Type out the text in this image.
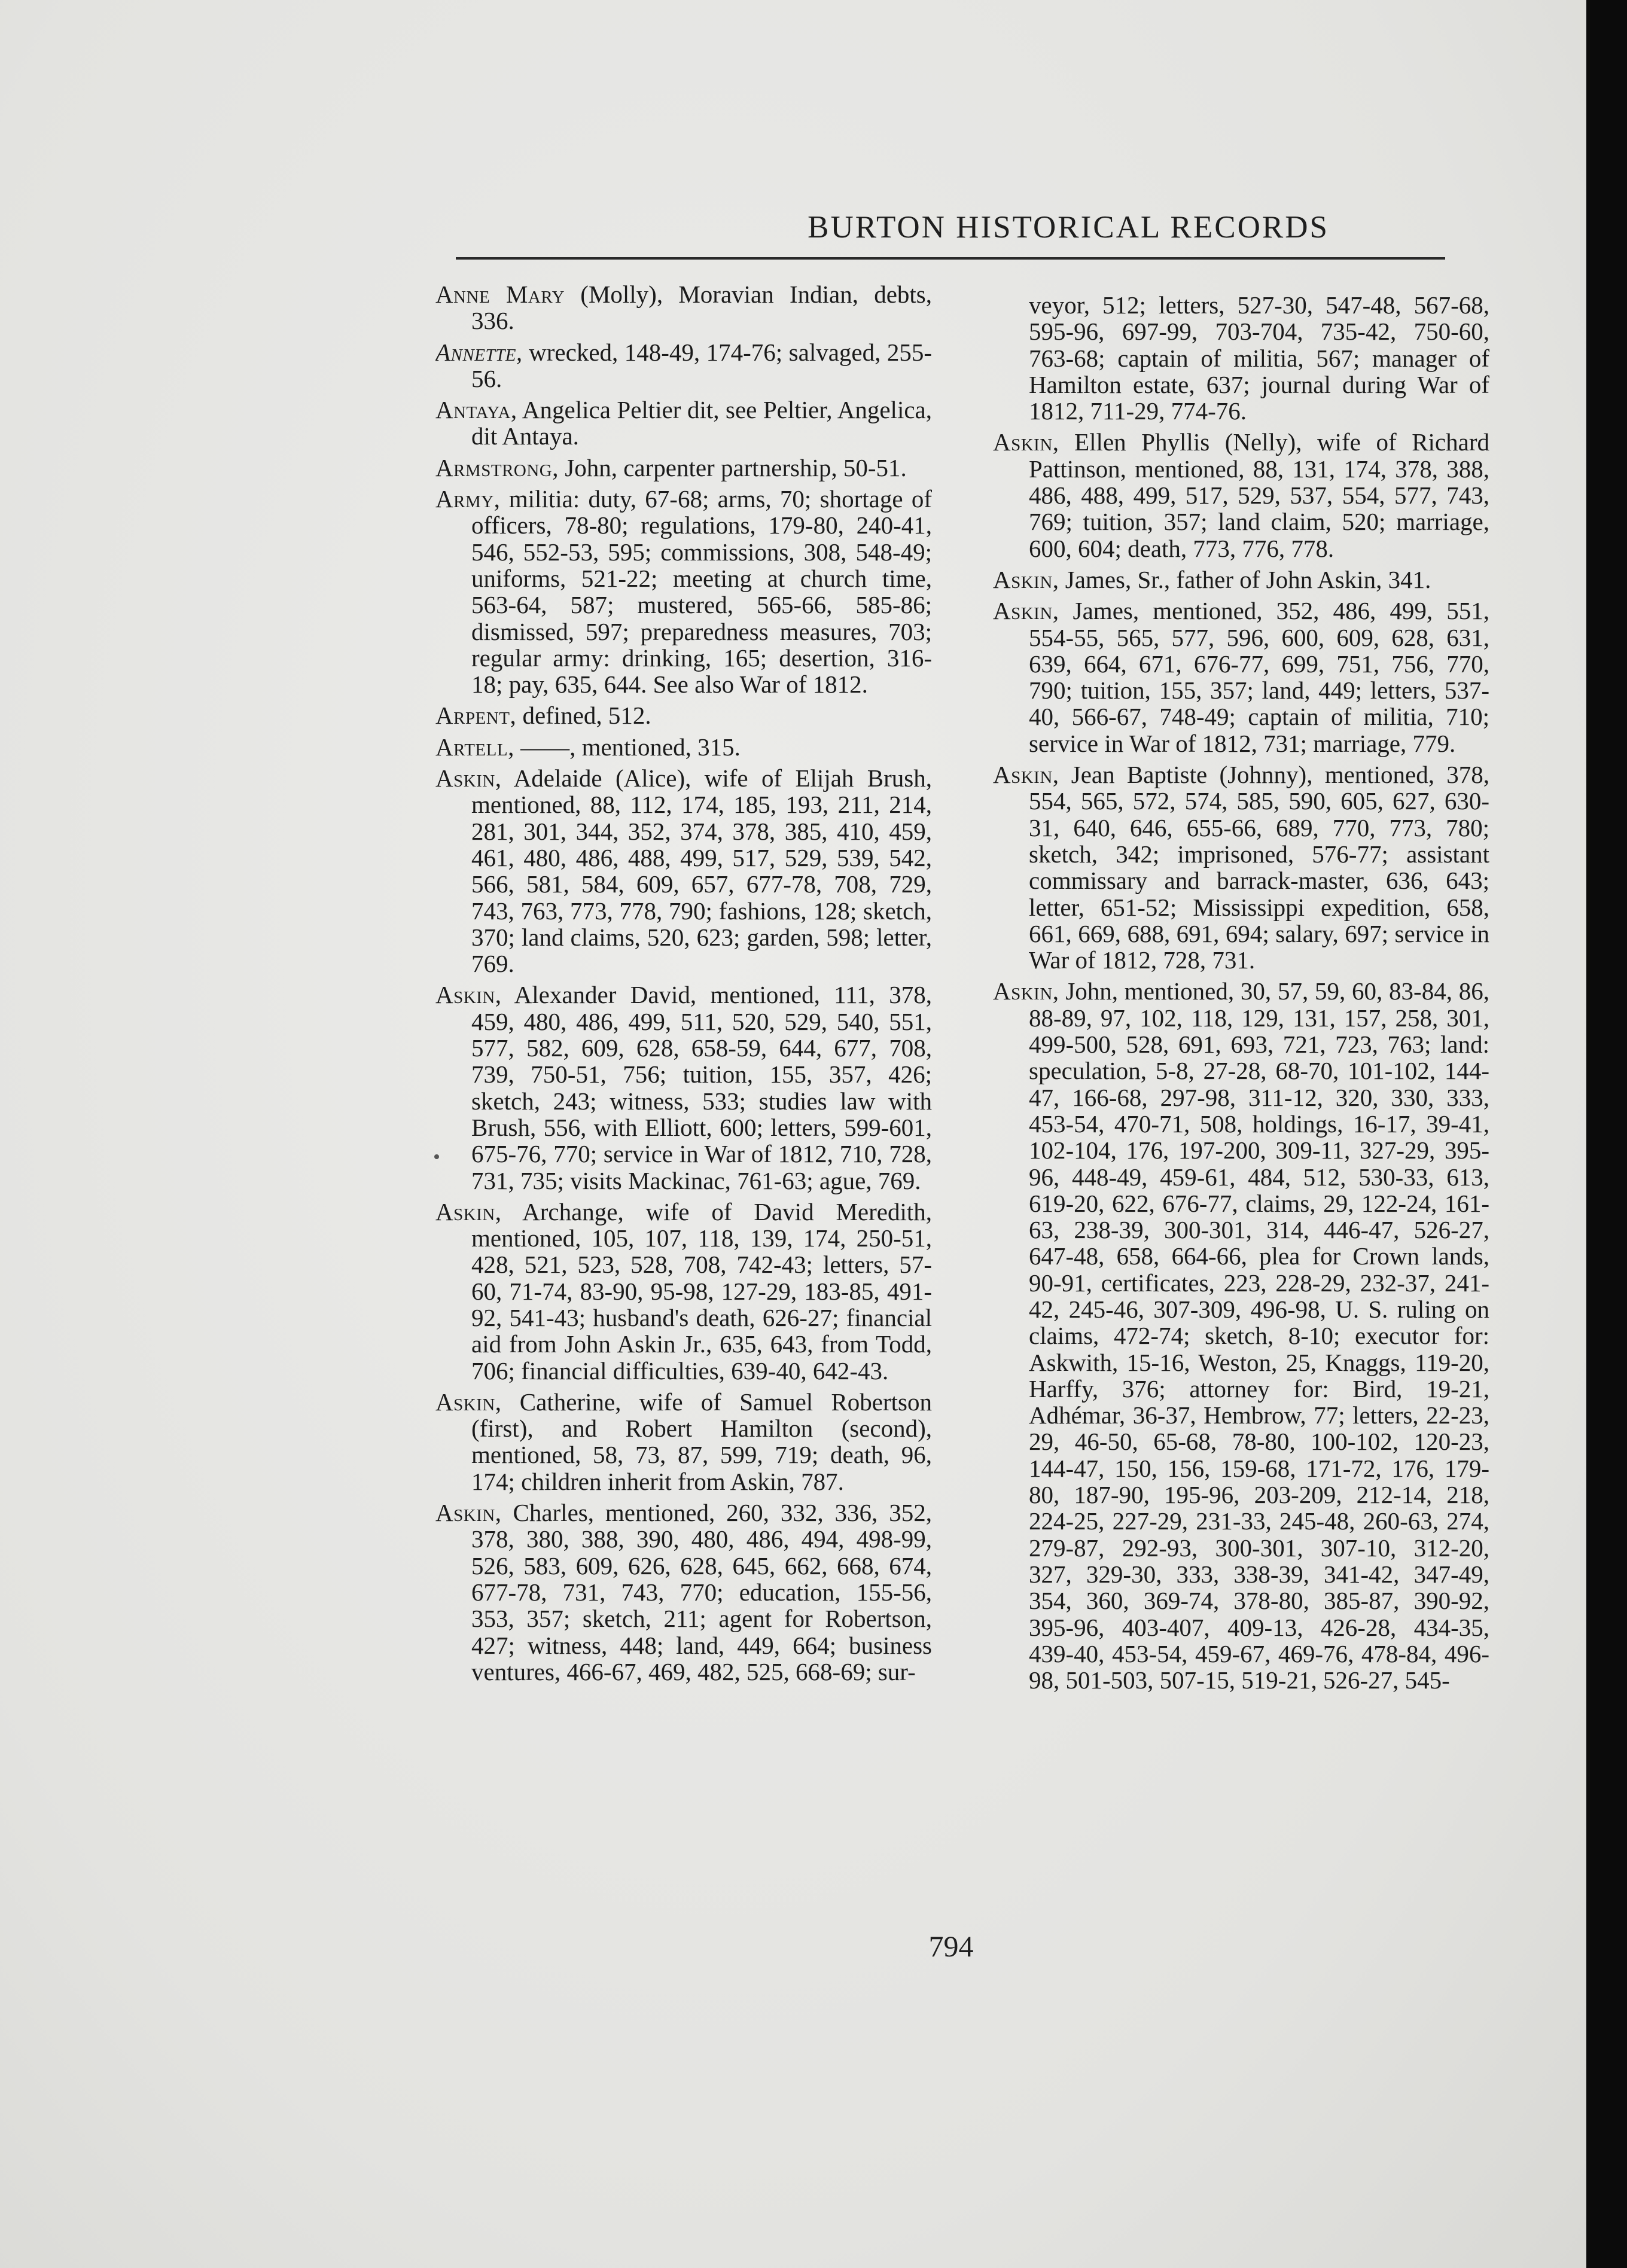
BURTON HISTORICAL RECORDS

Anne Mary (Molly), Moravian Indian, debts, 336.

Annette, wrecked, 148-49, 174-76; salvaged, 255-56.

Antaya, Angelica Peltier dit, see Peltier, Angelica, dit Antaya.

Armstrong, John, carpenter partnership, 50-51.

Army, militia: duty, 67-68; arms, 70; shortage of officers, 78-80; regulations, 179-80, 240-41, 546, 552-53, 595; commissions, 308, 548-49; uniforms, 521-22; meeting at church time, 563-64, 587; mustered, 565-66, 585-86; dismissed, 597; preparedness measures, 703; regular army: drinking, 165; desertion, 316-18; pay, 635, 644. See also War of 1812.

Arpent, defined, 512.

Artell, ——, mentioned, 315.

Askin, Adelaide (Alice), wife of Elijah Brush, mentioned, 88, 112, 174, 185, 193, 211, 214, 281, 301, 344, 352, 374, 378, 385, 410, 459, 461, 480, 486, 488, 499, 517, 529, 539, 542, 566, 581, 584, 609, 657, 677-78, 708, 729, 743, 763, 773, 778, 790; fashions, 128; sketch, 370; land claims, 520, 623; garden, 598; letter, 769.

Askin, Alexander David, mentioned, 111, 378, 459, 480, 486, 499, 511, 520, 529, 540, 551, 577, 582, 609, 628, 658-59, 644, 677, 708, 739, 750-51, 756; tuition, 155, 357, 426; sketch, 243; witness, 533; studies law with Brush, 556, with Elliott, 600; letters, 599-601, 675-76, 770; service in War of 1812, 710, 728, 731, 735; visits Mackinac, 761-63; ague, 769.

Askin, Archange, wife of David Meredith, mentioned, 105, 107, 118, 139, 174, 250-51, 428, 521, 523, 528, 708, 742-43; letters, 57-60, 71-74, 83-90, 95-98, 127-29, 183-85, 491-92, 541-43; husband's death, 626-27; financial aid from John Askin Jr., 635, 643, from Todd, 706; financial difficulties, 639-40, 642-43.

Askin, Catherine, wife of Samuel Robertson (first), and Robert Hamilton (second), mentioned, 58, 73, 87, 599, 719; death, 96, 174; children inherit from Askin, 787.

Askin, Charles, mentioned, 260, 332, 336, 352, 378, 380, 388, 390, 480, 486, 494, 498-99, 526, 583, 609, 626, 628, 645, 662, 668, 674, 677-78, 731, 743, 770; education, 155-56, 353, 357; sketch, 211; agent for Robertson, 427; witness, 448; land, 449, 664; business ventures, 466-67, 469, 482, 525, 668-69; sur-

veyor, 512; letters, 527-30, 547-48, 567-68, 595-96, 697-99, 703-704, 735-42, 750-60, 763-68; captain of militia, 567; manager of Hamilton estate, 637; journal during War of 1812, 711-29, 774-76.

Askin, Ellen Phyllis (Nelly), wife of Richard Pattinson, mentioned, 88, 131, 174, 378, 388, 486, 488, 499, 517, 529, 537, 554, 577, 743, 769; tuition, 357; land claim, 520; marriage, 600, 604; death, 773, 776, 778.

Askin, James, Sr., father of John Askin, 341.

Askin, James, mentioned, 352, 486, 499, 551, 554-55, 565, 577, 596, 600, 609, 628, 631, 639, 664, 671, 676-77, 699, 751, 756, 770, 790; tuition, 155, 357; land, 449; letters, 537-40, 566-67, 748-49; captain of militia, 710; service in War of 1812, 731; marriage, 779.

Askin, Jean Baptiste (Johnny), mentioned, 378, 554, 565, 572, 574, 585, 590, 605, 627, 630-31, 640, 646, 655-66, 689, 770, 773, 780; sketch, 342; imprisoned, 576-77; assistant commissary and barrack-master, 636, 643; letter, 651-52; Mississippi expedition, 658, 661, 669, 688, 691, 694; salary, 697; service in War of 1812, 728, 731.

Askin, John, mentioned, 30, 57, 59, 60, 83-84, 86, 88-89, 97, 102, 118, 129, 131, 157, 258, 301, 499-500, 528, 691, 693, 721, 723, 763; land: speculation, 5-8, 27-28, 68-70, 101-102, 144-47, 166-68, 297-98, 311-12, 320, 330, 333, 453-54, 470-71, 508, holdings, 16-17, 39-41, 102-104, 176, 197-200, 309-11, 327-29, 395-96, 448-49, 459-61, 484, 512, 530-33, 613, 619-20, 622, 676-77, claims, 29, 122-24, 161-63, 238-39, 300-301, 314, 446-47, 526-27, 647-48, 658, 664-66, plea for Crown lands, 90-91, certificates, 223, 228-29, 232-37, 241-42, 245-46, 307-309, 496-98, U. S. ruling on claims, 472-74; sketch, 8-10; executor for: Askwith, 15-16, Weston, 25, Knaggs, 119-20, Harffy, 376; attorney for: Bird, 19-21, Adhémar, 36-37, Hembrow, 77; letters, 22-23, 29, 46-50, 65-68, 78-80, 100-102, 120-23, 144-47, 150, 156, 159-68, 171-72, 176, 179-80, 187-90, 195-96, 203-209, 212-14, 218, 224-25, 227-29, 231-33, 245-48, 260-63, 274, 279-87, 292-93, 300-301, 307-10, 312-20, 327, 329-30, 333, 338-39, 341-42, 347-49, 354, 360, 369-74, 378-80, 385-87, 390-92, 395-96, 403-407, 409-13, 426-28, 434-35, 439-40, 453-54, 459-67, 469-76, 478-84, 496-98, 501-503, 507-15, 519-21, 526-27, 545-

794
